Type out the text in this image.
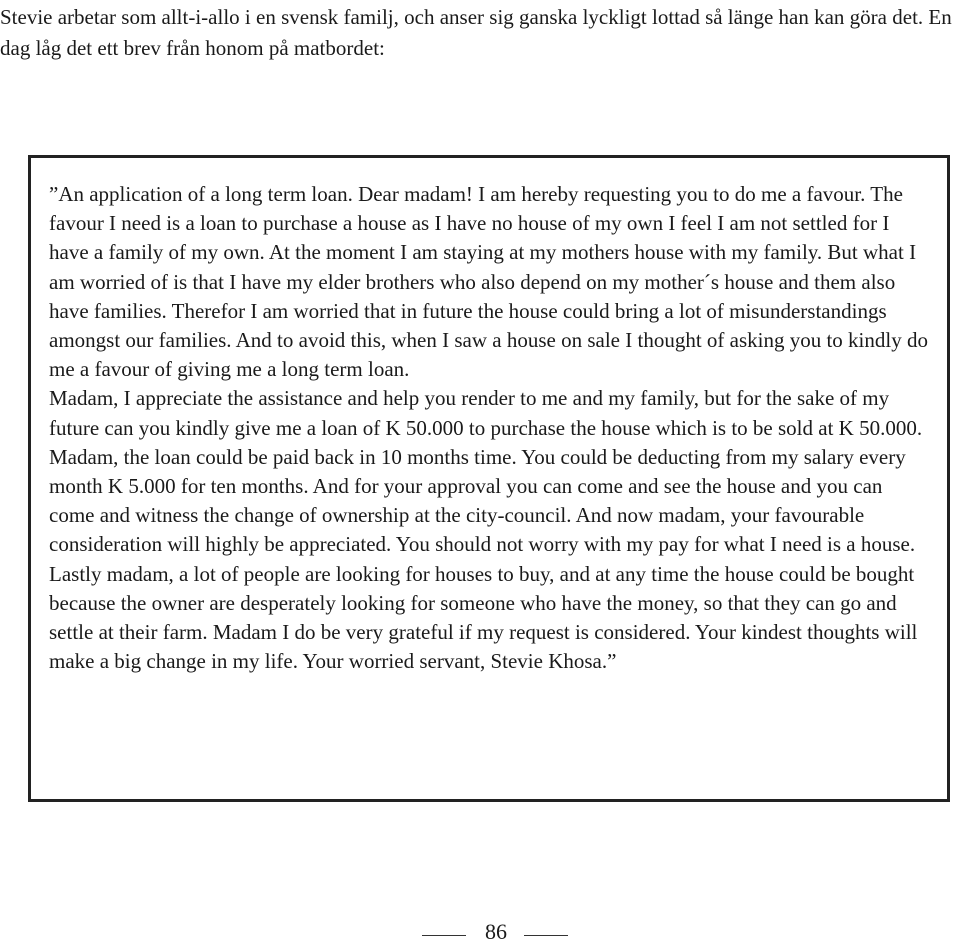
Stevie arbetar som allt-i-allo i en svensk familj, och anser sig ganska lyckligt lottad så länge han kan göra det. En dag låg det ett brev från honom på matbordet:

”An application of a long term loan. Dear madam! I am hereby requesting you to do me a favour. The favour I need is a loan to purchase a house as I have no house of my own I feel I am not settled for I have a family of my own. At the moment I am staying at my mothers house with my family. But what I am worried of is that I have my elder brothers who also depend on my mother´s house and them also have families. Therefor I am worried that in future the house could bring a lot of misunderstandings amongst our families. And to avoid this, when I saw a house on sale I thought of asking you to kindly do me a favour of giving me a long term loan.

Madam, I appreciate the assistance and help you render to me and my family, but for the sake of my future can you kindly give me a loan of K 50.000 to purchase the house which is to be sold at K 50.000. Madam, the loan could be paid back in 10 months time. You could be deducting from my salary every month K 5.000 for ten months. And for your approval you can come and see the house and you can come and witness the change of ownership at the city-council. And now madam, your favourable consideration will highly be appreciated. You should not worry with my pay for what I need is a house.

Lastly madam, a lot of people are looking for houses to buy, and at any time the house could be bought because the owner are desperately looking for someone who have the money, so that they can go and settle at their farm. Madam I do be very grateful if my request is considered. Your kindest thoughts will make a big change in my life. Your worried servant, Stevie Khosa.”

86
